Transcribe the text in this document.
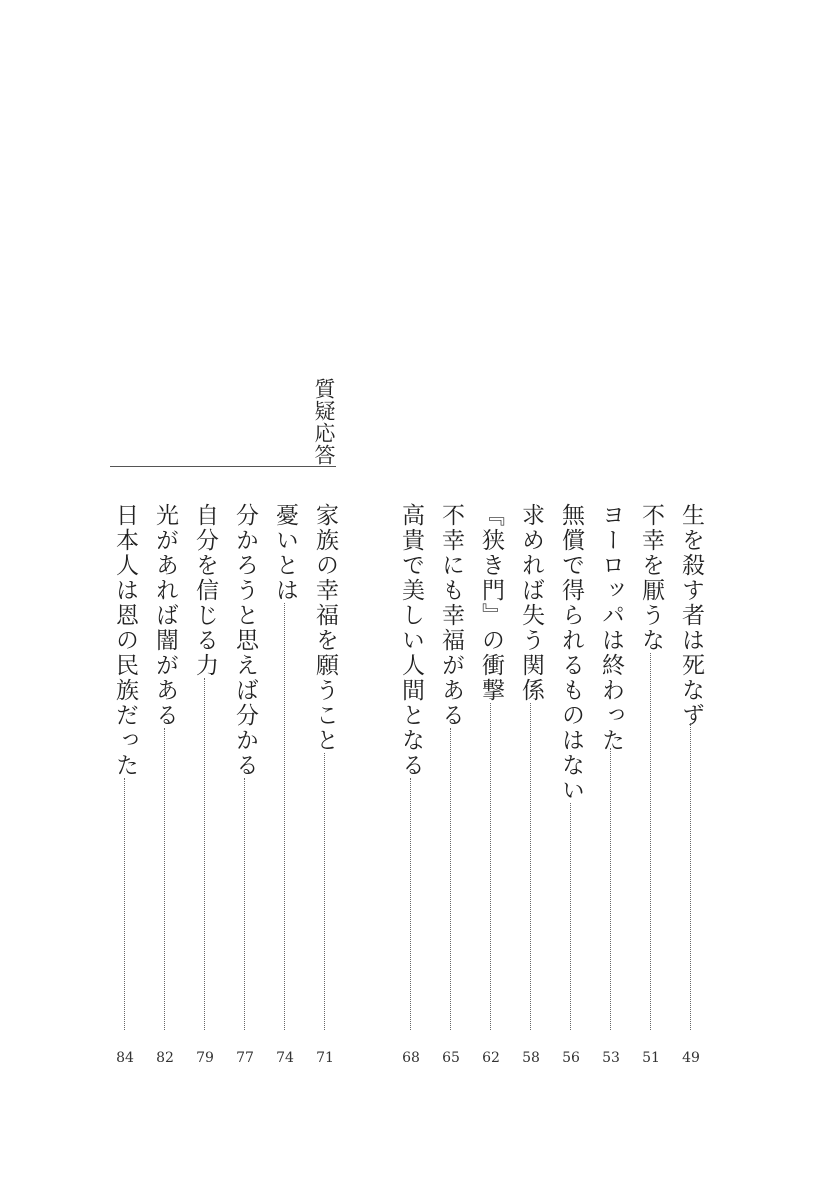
質疑応答
生を殺す者は死なず
49
不幸を厭うな
51
ヨーロッパは終わった
53
無償で得られるものはない
56
求めれば失う関係
58
『狭き門』の衝撃
62
不幸にも幸福がある
65
高貴で美しい人間となる
68
家族の幸福を願うこと
71
憂いとは
74
分かろうと思えば分かる
77
自分を信じる力
79
光があれば闇がある
82
日本人は恩の民族だった
84
